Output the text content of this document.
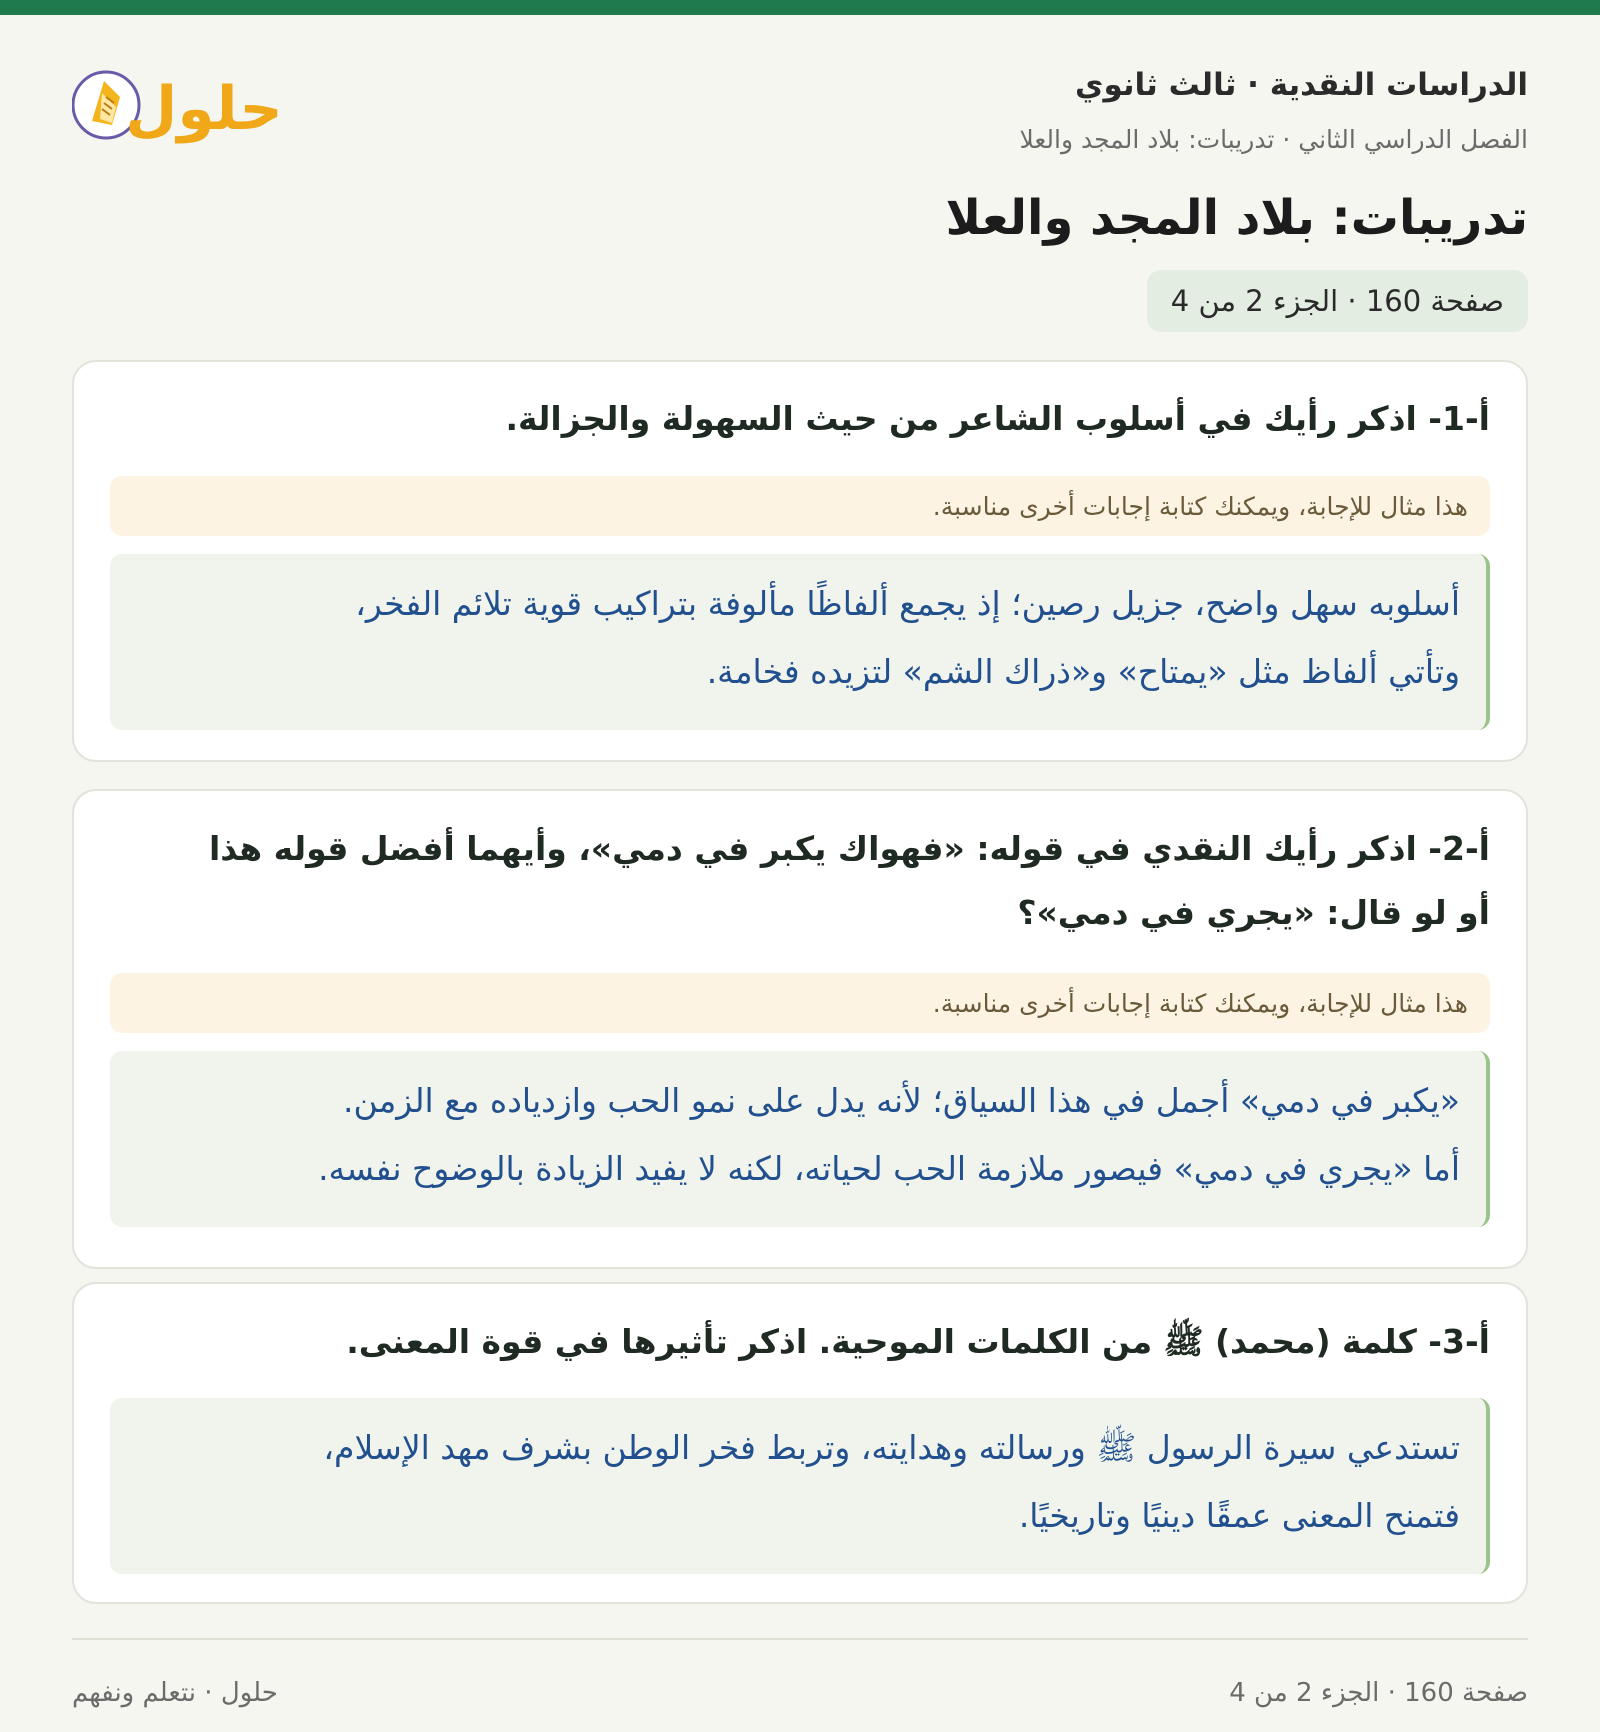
الدراسات النقدية · ثالث ثانوي
الفصل الدراسي الثاني · تدريبات: بلاد المجد والعلا
حلول
تدريبات: بلاد المجد والعلا
صفحة 160 · الجزء 2 من 4
أ-1- اذكر رأيك في أسلوب الشاعر من حيث السهولة والجزالة.
هذا مثال للإجابة، ويمكنك كتابة إجابات أخرى مناسبة.
أسلوبه سهل واضح، جزيل رصين؛ إذ يجمع ألفاظًا مألوفة بتراكيب قوية تلائم الفخر،
وتأتي ألفاظ مثل «يمتاح» و«ذراك الشم» لتزيده فخامة.
أ-2- اذكر رأيك النقدي في قوله: «فهواك يكبر في دمي»، وأيهما أفضل قوله هذا
أو لو قال: «يجري في دمي»؟
هذا مثال للإجابة، ويمكنك كتابة إجابات أخرى مناسبة.
«يكبر في دمي» أجمل في هذا السياق؛ لأنه يدل على نمو الحب وازدياده مع الزمن.
أما «يجري في دمي» فيصور ملازمة الحب لحياته، لكنه لا يفيد الزيادة بالوضوح نفسه.
أ-3- كلمة (محمد) ﷺ من الكلمات الموحية. اذكر تأثيرها في قوة المعنى.
تستدعي سيرة الرسول ﷺ ورسالته وهدايته، وتربط فخر الوطن بشرف مهد الإسلام،
فتمنح المعنى عمقًا دينيًا وتاريخيًا.
صفحة 160 · الجزء 2 من 4
حلول · نتعلم ونفهم
